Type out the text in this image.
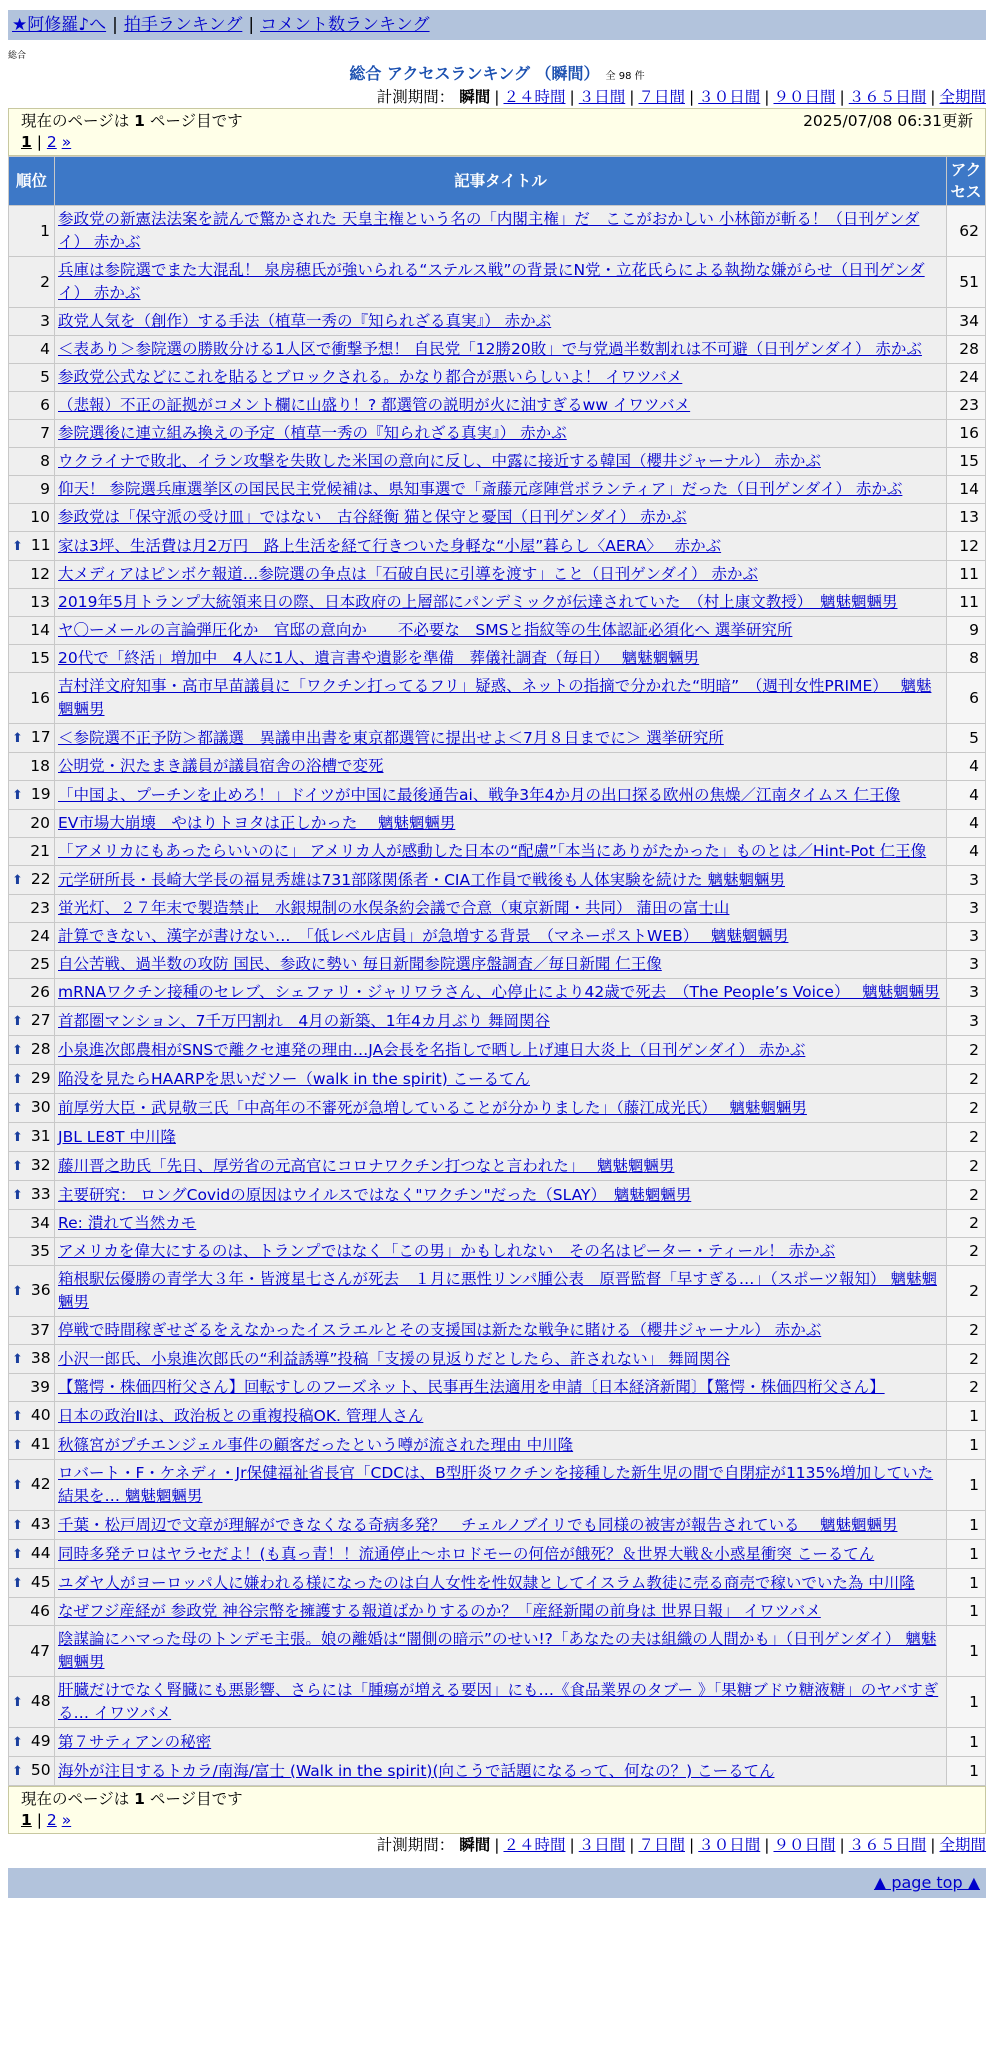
★阿修羅♪へ | 拍手ランキング | コメント数ランキング
総合
総合 アクセスランキング （瞬間） 全 98 件
計測期間： 瞬間 | ２４時間 | ３日間 | ７日間 | ３０日間 | ９０日間 | ３６５日間 | 全期間
現在のページは 1 ページ目です	2025/07/08 06:31更新
1 | 2 »
順位	記事タイトル	アクセス
1	参政党の新憲法法案を読んで驚かされた 天皇主権という名の「内閣主権」だ　ここがおかしい 小林節が斬る！（日刊ゲンダイ） 赤かぶ	62
2	兵庫は参院選でまた大混乱！ 泉房穂氏が強いられる“ステルス戦”の背景にN党・立花氏らによる執拗な嫌がらせ（日刊ゲンダイ） 赤かぶ	51
3	政党人気を（創作）する手法（植草一秀の『知られざる真実』） 赤かぶ	34
4	＜表あり＞参院選の勝敗分ける1人区で衝撃予想！ 自民党「12勝20敗」で与党過半数割れは不可避（日刊ゲンダイ） 赤かぶ	28
5	参政党公式などにこれを貼るとブロックされる。かなり都合が悪いらしいよ！ イワツバメ	24
6	（悲報）不正の証拠がコメント欄に山盛り！? 都選管の説明が火に油すぎるww イワツバメ	23
7	参院選後に連立組み換えの予定（植草一秀の『知られざる真実』） 赤かぶ	16
8	ウクライナで敗北、イラン攻撃を失敗した米国の意向に反し、中露に接近する韓国（櫻井ジャーナル） 赤かぶ	15
9	仰天！ 参院選兵庫選挙区の国民民主党候補は、県知事選で「斎藤元彦陣営ボランティア」だった（日刊ゲンダイ） 赤かぶ	14
10	参政党は「保守派の受け皿」ではない　古谷経衡 猫と保守と憂国（日刊ゲンダイ） 赤かぶ	13
⬆ 11	家は3坪、生活費は月2万円　路上生活を経て行きついた身軽な“小屋”暮らし〈AERA〉　 赤かぶ	12
12	大メディアはピンボケ報道…参院選の争点は「石破自民に引導を渡す」こと（日刊ゲンダイ） 赤かぶ	11
13	2019年5月トランプ大統領来日の際、日本政府の上層部にパンデミックが伝達されていた　（村上康文教授）　魑魅魍魎男	11
14	ヤ〇ーメールの言論弾圧化か　官邸の意向か　　不必要な　SMSと指紋等の生体認証必須化へ 選挙研究所	9
15	20代で「終活」増加中　4人に1人、遺言書や遺影を準備　葬儀社調査（毎日）　 魑魅魍魎男	8
16	吉村洋文府知事・高市早苗議員に「ワクチン打ってるフリ」疑惑、ネットの指摘で分かれた“明暗”　（週刊女性PRIME）　 魑魅魍魎男	6
⬆ 17	＜参院選不正予防＞都議選　異議申出書を東京都選管に提出せよ＜7月８日までに＞ 選挙研究所	5
18	公明党・沢たまき議員が議員宿舎の浴槽で変死	4
⬆ 19	「中国よ、プーチンを止めろ！」ドイツが中国に最後通告ai、戦争3年4か月の出口探る欧州の焦燥／江南タイムス 仁王像	4
20	EV市場大崩壊　やはりトヨタは正しかった　 魑魅魍魎男	4
21	「アメリカにもあったらいいのに」 アメリカ人が感動した日本の“配慮”「本当にありがたかった」ものとは／Hint-Pot 仁王像	4
⬆ 22	元学研所長・長崎大学長の福見秀雄は731部隊関係者・CIA工作員で戦後も人体実験を続けた 魑魅魍魎男	3
23	蛍光灯、２７年末で製造禁止　水銀規制の水俣条約会議で合意（東京新聞・共同） 蒲田の富士山	3
24	計算できない、漢字が書けない…　「低レベル店員」が急増する背景　（マネーポストWEB）　 魑魅魍魎男	3
25	自公苦戦、過半数の攻防 国民、参政に勢い 毎日新聞参院選序盤調査／毎日新聞 仁王像	3
26	mRNAワクチン接種のセレブ、シェファリ・ジャリワラさん、心停止により42歳で死去　（The People’s Voice）　 魑魅魍魎男	3
⬆ 27	首都圏マンション、7千万円割れ　4月の新築、1年4カ月ぶり 舞岡関谷	3
⬆ 28	小泉進次郎農相がSNSで離クセ連発の理由…JA会長を名指しで晒し上げ連日大炎上（日刊ゲンダイ） 赤かぶ	2
⬆ 29	陥没を見たらHAARPを思いだソー（walk in the spirit) こーるてん	2
⬆ 30	前厚労大臣・武見敬三氏「中高年の不審死が急増していることが分かりました」（藤江成光氏）　 魑魅魍魎男	2
⬆ 31	JBL LE8T 中川隆	2
⬆ 32	藤川晋之助氏「先日、厚労省の元高官にコロナワクチン打つなと言われた」　 魑魅魍魎男	2
⬆ 33	主要研究： ロングCovidの原因はウイルスではなく"ワクチン"だった（SLAY）　魑魅魍魎男	2
34	Re: 潰れて当然カモ	2
35	アメリカを偉大にするのは、トランプではなく「この男」かもしれない　その名はピーター・ティール！ 赤かぶ	2
⬆ 36	箱根駅伝優勝の青学大３年・皆渡星七さんが死去　１月に悪性リンパ腫公表　原晋監督「早すぎる…」（スポーツ報知） 魑魅魍魎男	2
37	停戦で時間稼ぎせざるをえなかったイスラエルとその支援国は新たな戦争に賭ける（櫻井ジャーナル） 赤かぶ	2
⬆ 38	小沢一郎氏、小泉進次郎氏の“利益誘導”投稿「支援の見返りだとしたら、許されない」 舞岡関谷	2
39	【驚愕・株価四桁父さん】回転すしのフーズネット、民事再生法適用を申請〔日本経済新聞〕【驚愕・株価四桁父さん】	2
⬆ 40	日本の政治Ⅱは、政治板との重複投稿OK. 管理人さん	1
⬆ 41	秋篠宮がプチエンジェル事件の顧客だったという噂が流された理由 中川隆	1
⬆ 42	ロバート・F・ケネディ・Jr保健福祉省長官「CDCは、B型肝炎ワクチンを接種した新生児の間で自閉症が1135%増加していた結果を… 魑魅魍魎男	1
⬆ 43	千葉・松戸周辺で文章が理解ができなくなる奇病多発？　チェルノブイリでも同様の被害が報告されている　 魑魅魍魎男	1
⬆ 44	同時多発テロはヤラセだよ！(も真っ青！！流通停止〜ホロドモーの何倍が餓死？＆世界大戦＆小惑星衝突 こーるてん	1
⬆ 45	ユダヤ人がヨーロッパ人に嫌われる様になったのは白人女性を性奴隷としてイスラム教徒に売る商売で稼いでいた為 中川隆	1
46	なぜフジ産経が 参政党 神谷宗幣を擁護する報道ばかりするのか？「産経新聞の前身は 世界日報」 イワツバメ	1
47	陰謀論にハマった母のトンデモ主張。娘の離婚は“闇側の暗示”のせい!?「あなたの夫は組織の人間かも」（日刊ゲンダイ） 魑魅魍魎男	1
⬆ 48	肝臓だけでなく腎臓にも悪影響、さらには「腫瘍が増える要因」にも…《食品業界のタブー 》「果糖ブドウ糖液糖」のヤバすぎる… イワツバメ	1
⬆ 49	第７サティアンの秘密	1
⬆ 50	海外が注目するトカラ/南海/富士 (Walk in the spirit)(向こうで話題になるって、何なの？) こーるてん	1
現在のページは 1 ページ目です
1 | 2 »
計測期間： 瞬間 | ２４時間 | ３日間 | ７日間 | ３０日間 | ９０日間 | ３６５日間 | 全期間
▲ page top ▲
